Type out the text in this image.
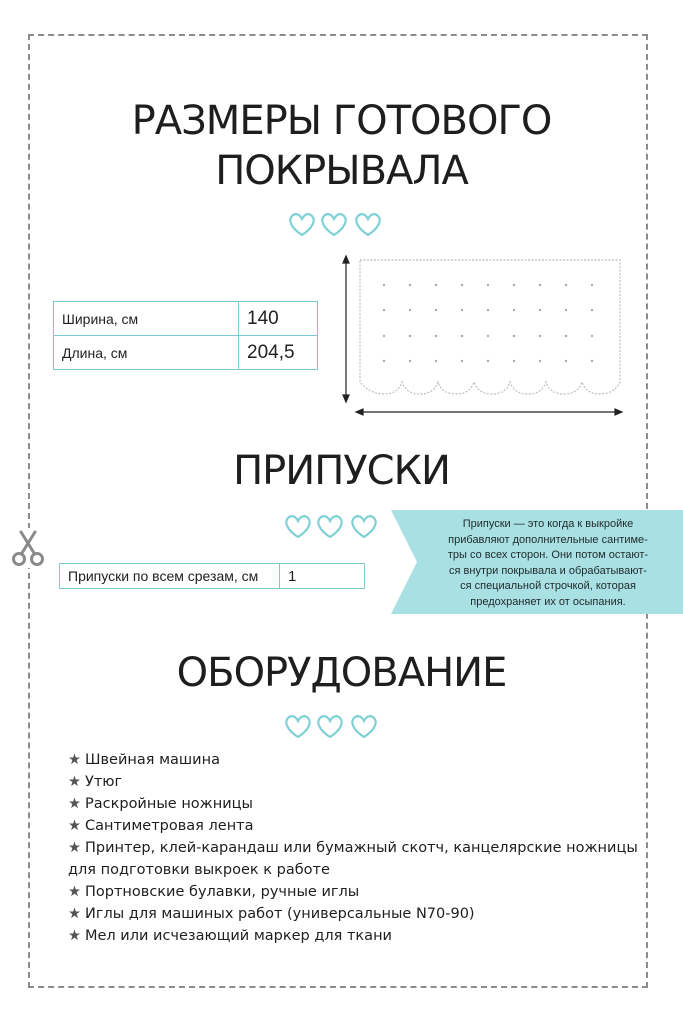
РАЗМЕРЫ ГОТОВОГО
ПОКРЫВАЛА
Ширина, см	140
Длина, см	204,5
ПРИПУСКИ
Припуски — это когда к выкройке
прибавляют дополнительные сантиме-
тры со всех сторон. Они потом остают-
ся внутри покрывала и обрабатывают-
ся специальной строчкой, которая
предохраняет их от осыпания.
Припуски по всем срезам, см	1
ОБОРУДОВАНИЕ
★ Швейная машина
★ Утюг
★ Раскройные ножницы
★ Сантиметровая лента
★ Принтер, клей-карандаш или бумажный скотч, канцелярские ножницы для подготовки выкроек к работе
★ Портновские булавки, ручные иглы
★ Иглы для машиных работ (универсальные N70-90)
★ Мел или исчезающий маркер для ткани
